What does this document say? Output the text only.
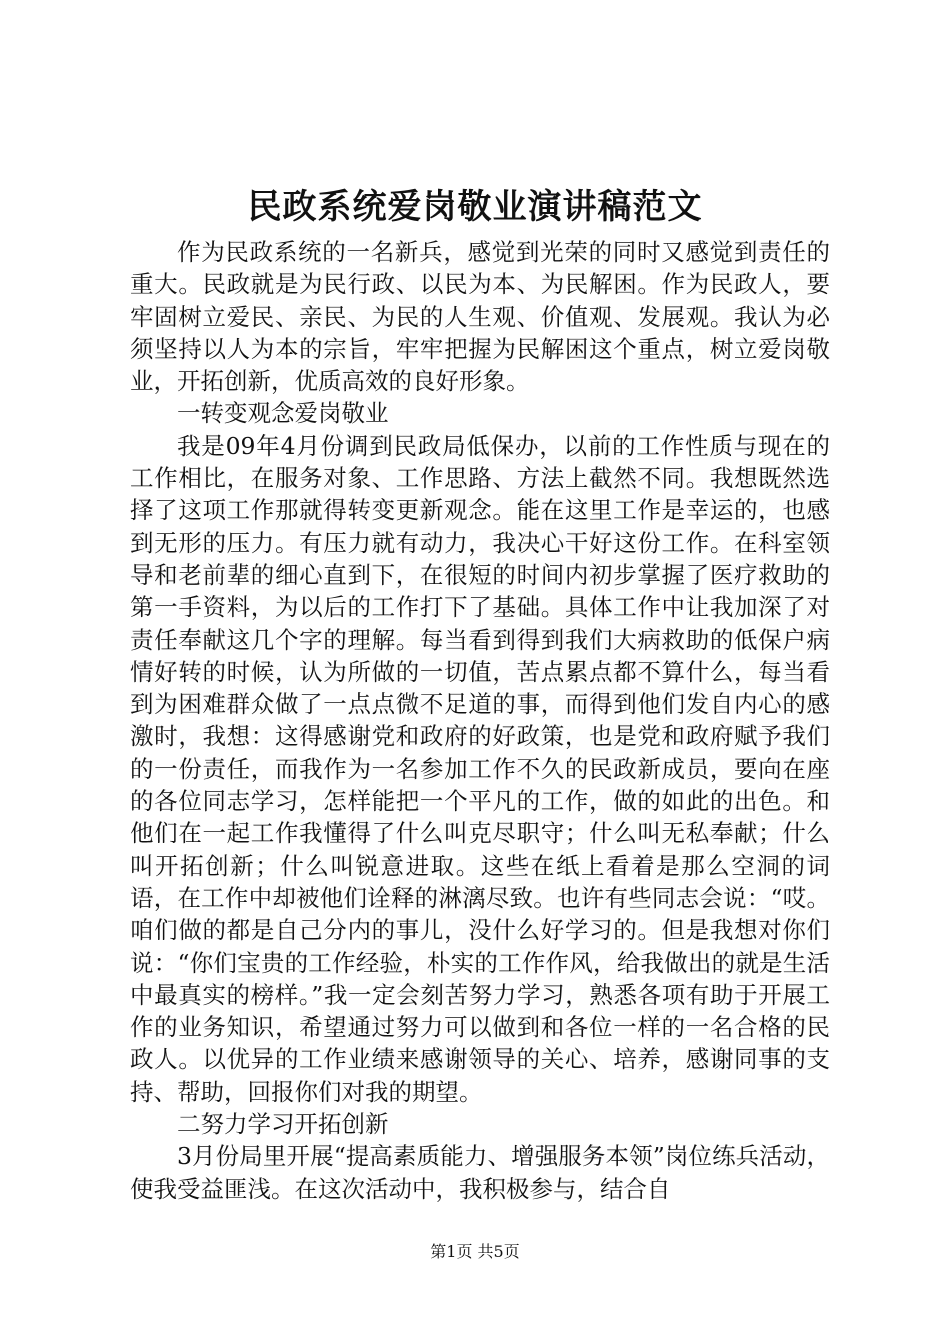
民政系统爱岗敬业演讲稿范文

作为民政系统的一名新兵，感觉到光荣的同时又感觉到责任的重大。民政就是为民行政、以民为本、为民解困。作为民政人，要牢固树立爱民、亲民、为民的人生观、价值观、发展观。我认为必须坚持以人为本的宗旨，牢牢把握为民解困这个重点，树立爱岗敬业，开拓创新，优质高效的良好形象。

一转变观念爱岗敬业

我是09年4月份调到民政局低保办，以前的工作性质与现在的工作相比，在服务对象、工作思路、方法上截然不同。我想既然选择了这项工作那就得转变更新观念。能在这里工作是幸运的，也感到无形的压力。有压力就有动力，我决心干好这份工作。在科室领导和老前辈的细心直到下，在很短的时间内初步掌握了医疗救助的第一手资料，为以后的工作打下了基础。具体工作中让我加深了对责任奉献这几个字的理解。每当看到得到我们大病救助的低保户病情好转的时候，认为所做的一切值，苦点累点都不算什么，每当看到为困难群众做了一点点微不足道的事，而得到他们发自内心的感激时，我想：这得感谢党和政府的好政策，也是党和政府赋予我们的一份责任，而我作为一名参加工作不久的民政新成员，要向在座的各位同志学习，怎样能把一个平凡的工作，做的如此的出色。和他们在一起工作我懂得了什么叫克尽职守；什么叫无私奉献；什么叫开拓创新；什么叫锐意进取。这些在纸上看着是那么空洞的词语，在工作中却被他们诠释的淋漓尽致。也许有些同志会说：“哎。咱们做的都是自己分内的事儿，没什么好学习的。但是我想对你们说：“你们宝贵的工作经验，朴实的工作作风，给我做出的就是生活中最真实的榜样。”我一定会刻苦努力学习，熟悉各项有助于开展工作的业务知识，希望通过努力可以做到和各位一样的一名合格的民政人。以优异的工作业绩来感谢领导的关心、培养，感谢同事的支持、帮助，回报你们对我的期望。

二努力学习开拓创新

3月份局里开展“提高素质能力、增强服务本领”岗位练兵活动，使我受益匪浅。在这次活动中，我积极参与，结合自

第1页 共5页
